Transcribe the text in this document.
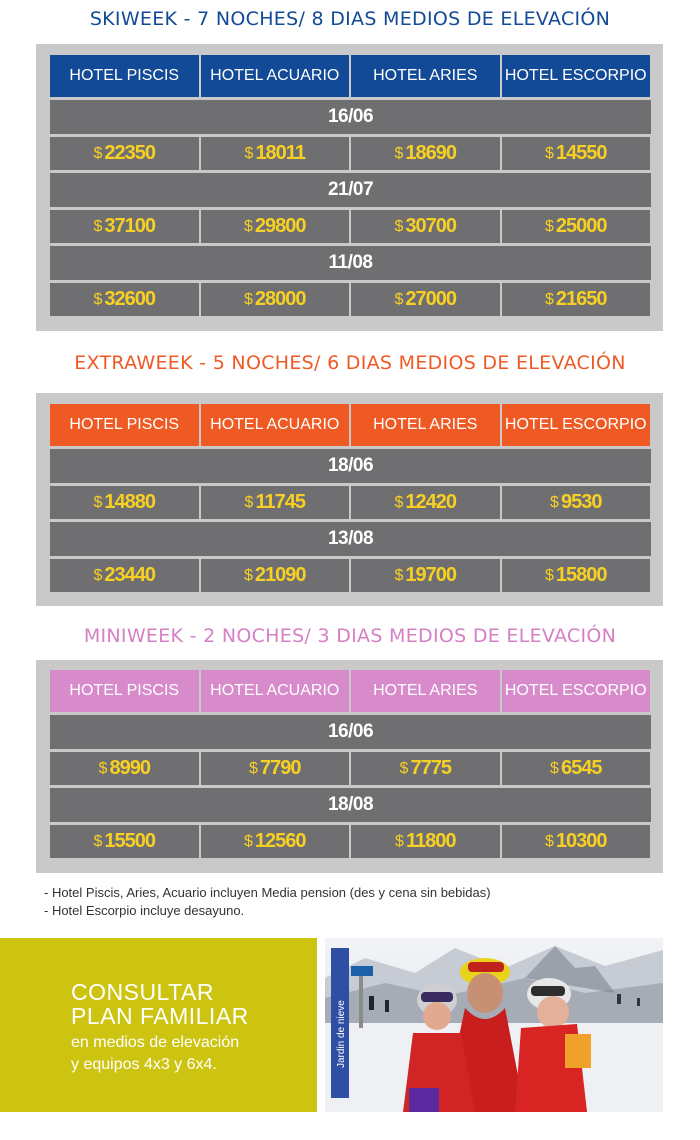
SKIWEEK - 7 NOCHES/ 8 DIAS MEDIOS DE ELEVACIÓN
HOTEL PISCIS	HOTEL ACUARIO	HOTEL ARIES	HOTEL ESCORPIO
16/06
$ 22350	$ 18011	$ 18690	$ 14550
21/07
$ 37100	$ 29800	$ 30700	$ 25000
11/08
$ 32600	$ 28000	$ 27000	$ 21650
EXTRAWEEK - 5 NOCHES/ 6 DIAS MEDIOS DE ELEVACIÓN
HOTEL PISCIS	HOTEL ACUARIO	HOTEL ARIES	HOTEL ESCORPIO
18/06
$ 14880	$ 11745	$ 12420	$ 9530
13/08
$ 23440	$ 21090	$ 19700	$ 15800
MINIWEEK - 2 NOCHES/ 3 DIAS MEDIOS DE ELEVACIÓN
HOTEL PISCIS	HOTEL ACUARIO	HOTEL ARIES	HOTEL ESCORPIO
16/06
$ 8990	$ 7790	$ 7775	$ 6545
18/08
$ 15500	$ 12560	$ 11800	$ 10300
- Hotel Piscis, Aries, Acuario incluyen Media pension (des y cena sin bebidas)
- Hotel Escorpio incluye desayuno.
CONSULTAR
PLAN FAMILIAR
en medios de elevación
y equipos 4x3 y 6x4.	Jardin de nieve
